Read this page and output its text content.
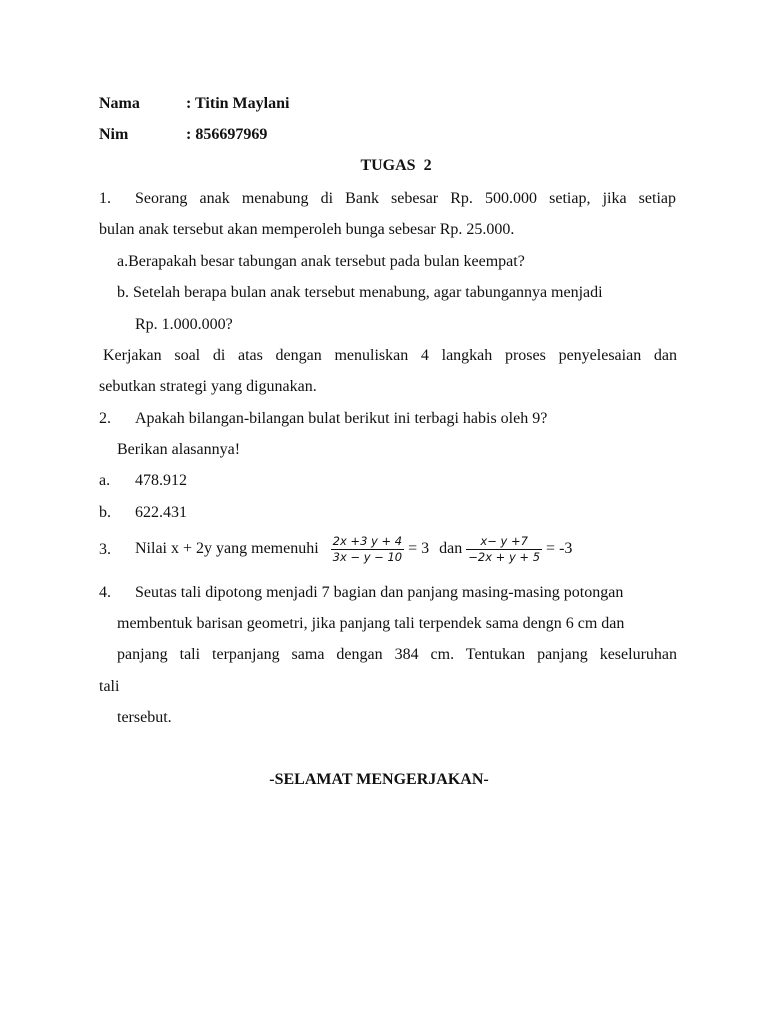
Nama	: Titin Maylani
Nim	: 856697969
TUGAS  2
1. Seorang anak menabung di Bank sebesar Rp. 500.000 setiap, jika setiap
bulan anak tersebut akan memperoleh bunga sebesar Rp. 25.000.
a.Berapakah besar tabungan anak tersebut pada bulan keempat?
b. Setelah berapa bulan anak tersebut menabung, agar tabungannya menjadi
Rp. 1.000.000?
Kerjakan soal di atas dengan menuliskan 4 langkah proses penyelesaian dan
sebutkan strategi yang digunakan.
2. Apakah bilangan-bilangan bulat berikut ini terbagi habis oleh 9?
Berikan alasannya!
a. 478.912
b. 622.431
3. Nilai x + 2y yang memenuhi $\frac{2x +3 y + 4}{3x - y - 10} = 3$ dan $\frac{x- y +7}{-2x + y + 5} = -3$
4. Seutas tali dipotong menjadi 7 bagian dan panjang masing-masing potongan
membentuk barisan geometri, jika panjang tali terpendek sama dengn 6 cm dan
panjang tali terpanjang sama dengan 384 cm. Tentukan panjang keseluruhan
tali
tersebut.
-SELAMAT MENGERJAKAN-
